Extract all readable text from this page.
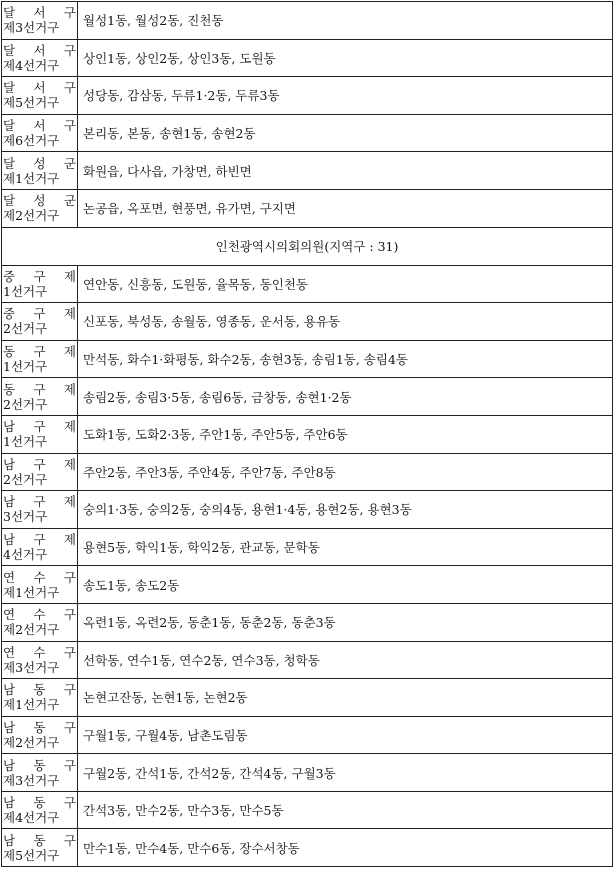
달 서 구
제3선거구	월성1동, 월성2동, 진천동

달 서 구
제4선거구	상인1동, 상인2동, 상인3동, 도원동

달 서 구
제5선거구	성당동, 감삼동, 두류1·2동, 두류3동

달 서 구
제6선거구	본리동, 본동, 송현1동, 송현2동

달 성 군
제1선거구	화원읍, 다사읍, 가창면, 하빈면

달 성 군
제2선거구	논공읍, 옥포면, 현풍면, 유가면, 구지면
인천광역시의회의원(지역구 : 31)	

중 구 제
1선거구	연안동, 신흥동, 도원동, 율목동, 동인천동

중 구 제
2선거구	신포동, 북성동, 송월동, 영종동, 운서동, 용유동

동 구 제
1선거구	만석동, 화수1·화평동, 화수2동, 송현3동, 송림1동, 송림4동

동 구 제
2선거구	송림2동, 송림3·5동, 송림6동, 금창동, 송현1·2동

남 구 제
1선거구	도화1동, 도화2·3동, 주안1동, 주안5동, 주안6동

남 구 제
2선거구	주안2동, 주안3동, 주안4동, 주안7동, 주안8동

남 구 제
3선거구	숭의1·3동, 숭의2동, 숭의4동, 용현1·4동, 용현2동, 용현3동

남 구 제
4선거구	용현5동, 학익1동, 학익2동, 관교동, 문학동

연 수 구
제1선거구	송도1동, 송도2동

연 수 구
제2선거구	옥련1동, 옥련2동, 동춘1동, 동춘2동, 동춘3동

연 수 구
제3선거구	선학동, 연수1동, 연수2동, 연수3동, 청학동

남 동 구
제1선거구	논현고잔동, 논현1동, 논현2동

남 동 구
제2선거구	구월1동, 구월4동, 남촌도림동

남 동 구
제3선거구	구월2동, 간석1동, 간석2동, 간석4동, 구월3동

남 동 구
제4선거구	간석3동, 만수2동, 만수3동, 만수5동

남 동 구
제5선거구	만수1동, 만수4동, 만수6동, 장수서창동
